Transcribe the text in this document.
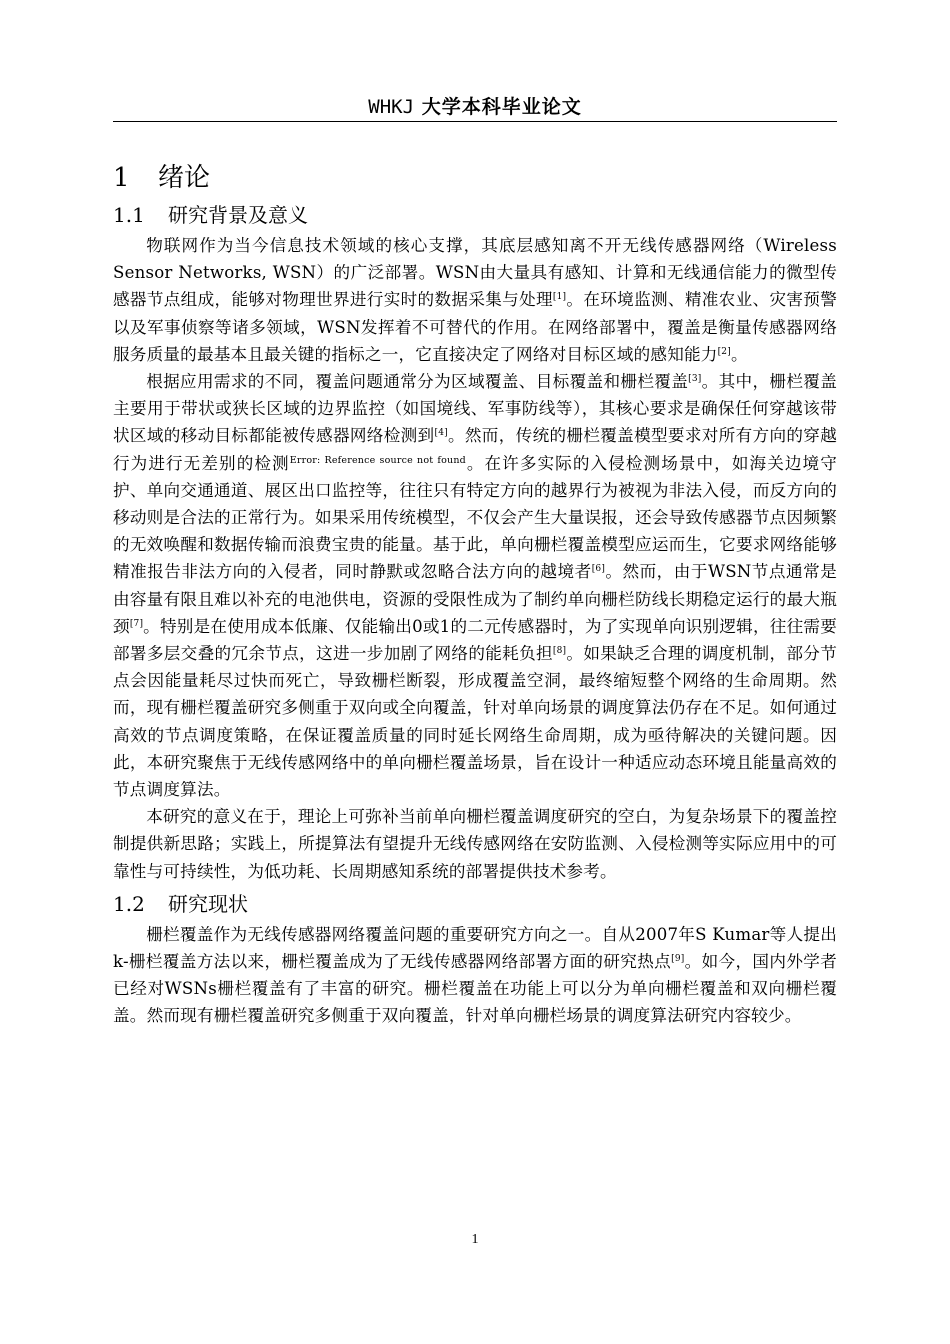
WHKJ 大学本科毕业论文
1 绪论
1.1 研究背景及意义

物联网作为当今信息技术领域的核心支撑，其底层感知离不开无线传感器网络（Wireless Sensor Networks, WSN）的广泛部署。WSN由大量具有感知、计算和无线通信能力的微型传感器节点组成，能够对物理世界进行实时的数据采集与处理[1]。在环境监测、精准农业、灾害预警以及军事侦察等诸多领域，WSN发挥着不可替代的作用。在网络部署中，覆盖是衡量传感器网络服务质量的最基本且最关键的指标之一，它直接决定了网络对目标区域的感知能力[2]。

根据应用需求的不同，覆盖问题通常分为区域覆盖、目标覆盖和栅栏覆盖[3]。其中，栅栏覆盖主要用于带状或狭长区域的边界监控（如国境线、军事防线等），其核心要求是确保任何穿越该带状区域的移动目标都能被传感器网络检测到[4]。然而，传统的栅栏覆盖模型要求对所有方向的穿越行为进行无差别的检测$^{Error: Reference source not found}$。在许多实际的入侵检测场景中，如海关边境守护、单向交通通道、展区出口监控等，往往只有特定方向的越界行为被视为非法入侵，而反方向的移动则是合法的正常行为。如果采用传统模型，不仅会产生大量误报，还会导致传感器节点因频繁的无效唤醒和数据传输而浪费宝贵的能量。基于此，单向栅栏覆盖模型应运而生，它要求网络能够精准报告非法方向的入侵者，同时静默或忽略合法方向的越境者[6]。然而，由于WSN节点通常是由容量有限且难以补充的电池供电，资源的受限性成为了制约单向栅栏防线长期稳定运行的最大瓶颈[7]。特别是在使用成本低廉、仅能输出0或1的二元传感器时，为了实现单向识别逻辑，往往需要部署多层交叠的冗余节点，这进一步加剧了网络的能耗负担[8]。如果缺乏合理的调度机制，部分节点会因能量耗尽过快而死亡，导致栅栏断裂，形成覆盖空洞，最终缩短整个网络的生命周期。然而，现有栅栏覆盖研究多侧重于双向或全向覆盖，针对单向场景的调度算法仍存在不足。如何通过高效的节点调度策略，在保证覆盖质量的同时延长网络生命周期，成为亟待解决的关键问题。因此，本研究聚焦于无线传感网络中的单向栅栏覆盖场景，旨在设计一种适应动态环境且能量高效的节点调度算法。

本研究的意义在于，理论上可弥补当前单向栅栏覆盖调度研究的空白，为复杂场景下的覆盖控制提供新思路；实践上，所提算法有望提升无线传感网络在安防监测、入侵检测等实际应用中的可靠性与可持续性，为低功耗、长周期感知系统的部署提供技术参考。

1.2 研究现状

栅栏覆盖作为无线传感器网络覆盖问题的重要研究方向之一。自从2007年S Kumar等人提出k-栅栏覆盖方法以来，栅栏覆盖成为了无线传感器网络部署方面的研究热点[9]。如今，国内外学者已经对WSNs栅栏覆盖有了丰富的研究。栅栏覆盖在功能上可以分为单向栅栏覆盖和双向栅栏覆盖。然而现有栅栏覆盖研究多侧重于双向覆盖，针对单向栅栏场景的调度算法研究内容较少。

1
